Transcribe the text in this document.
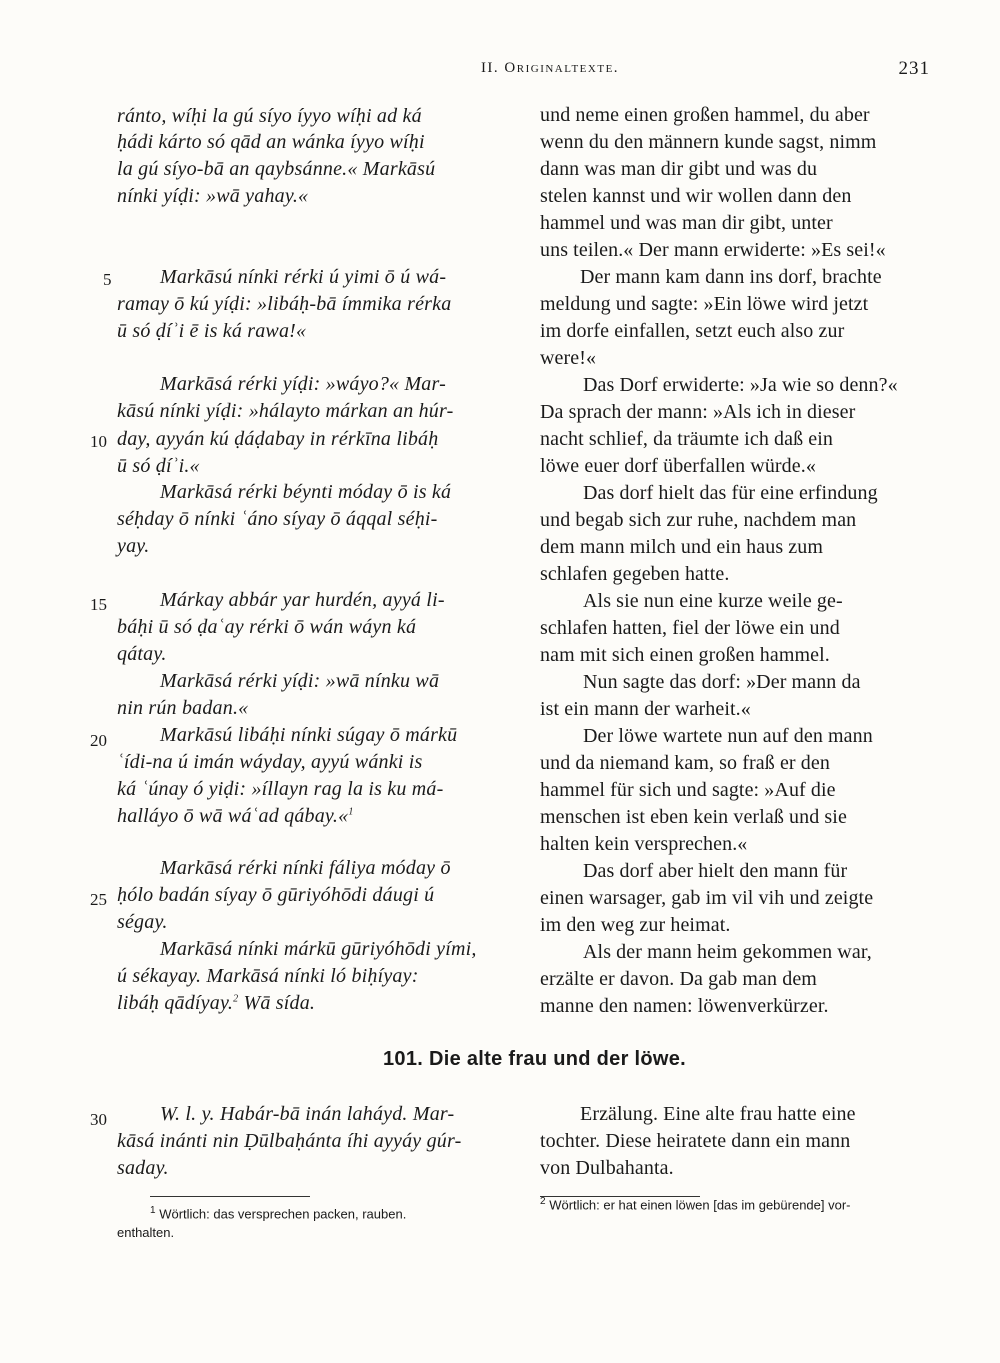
II. Originaltexte.	231
ránto, wíḥi la gú síyo íyyo wíḥi ad ká
ḥádi kárto só qād an wánka íyyo wíḥi
la gú síyo-bā an qaybsánne.« Markāsú
nínki yíḍi: »wā yahay.«
Markāsú nínki rérki ú yimi ō ú wá-
ramay ō kú yíḍi: »libáḥ-bā ímmika rérka
ū só ḍíʾi ē is ká rawa!«
Markāsá rérki yíḍi: »wáyo?« Mar-
kāsú nínki yíḍi: »hálayto márkan an húr-
day, ayyán kú ḍáḍabay in rérkīna libáḥ
ū só ḍíʾi.«
Markāsá rérki béynti móday ō is ká
séḥday ō nínki ʿáno síyay ō áqqal séḥi-
yay.
Márkay abbár yar hurdén, ayyá li-
báḥi ū só ḍaʿay rérki ō wán wáyn ká
qátay.
Markāsá rérki yíḍi: »wā nínku wā
nin rún badan.«
Markāsú libáḥi nínki súgay ō márkū
ʿídi-na ú imán wáyday, ayyú wánki is
ká ʿúnay ó yiḍi: »íllayn rag la is ku má-
halláyo ō wā wáʿad qábay.«$^1$
Markāsá rérki nínki fáliya móday ō
ḥólo badán síyay ō gūriyóhōdi dáugi ú
ségay.
Markāsá nínki márkū gūriyóhōdi yími,
ú sékayay. Markāsá nínki ló biḥíyay:
libáḥ qādíyay.$^2$ Wā sída.
W. l. y. Habár-bā inán laháyd. Mar-
kāsá inánti nin Ḍūlbaḥánta íhi ayyáy gúr-
saday.
5
10
15
20
25
30
und neme einen großen hammel, du aber
wenn du den männern kunde sagst, nimm
dann was man dir gibt und was du
stelen kannst und wir wollen dann den
hammel und was man dir gibt, unter
uns teilen.« Der mann erwiderte: »Es sei!«
Der mann kam dann ins dorf, brachte
meldung und sagte: »Ein löwe wird jetzt
im dorfe einfallen, setzt euch also zur
were!«
Das Dorf erwiderte: »Ja wie so denn?«
Da sprach der mann: »Als ich in dieser
nacht schlief, da träumte ich daß ein
löwe euer dorf überfallen würde.«
Das dorf hielt das für eine erfindung
und begab sich zur ruhe, nachdem man
dem mann milch und ein haus zum
schlafen gegeben hatte.
Als sie nun eine kurze weile ge-
schlafen hatten, fiel der löwe ein und
nam mit sich einen großen hammel.
Nun sagte das dorf: »Der mann da
ist ein mann der warheit.«
Der löwe wartete nun auf den mann
und da niemand kam, so fraß er den
hammel für sich und sagte: »Auf die
menschen ist eben kein verlaß und sie
halten kein versprechen.«
Das dorf aber hielt den mann für
einen warsager, gab im vil vih und zeigte
im den weg zur heimat.
Als der mann heim gekommen war,
erzälte er davon. Da gab man dem
manne den namen: löwenverkürzer.
Erzälung. Eine alte frau hatte eine
tochter. Diese heiratete dann ein mann
von Dulbahanta.
101. Die alte frau und der löwe.
$^1$ Wörtlich: das versprechen packen, rauben.
enthalten.
$^2$ Wörtlich: er hat einen löwen [das im gebürende] vor-
